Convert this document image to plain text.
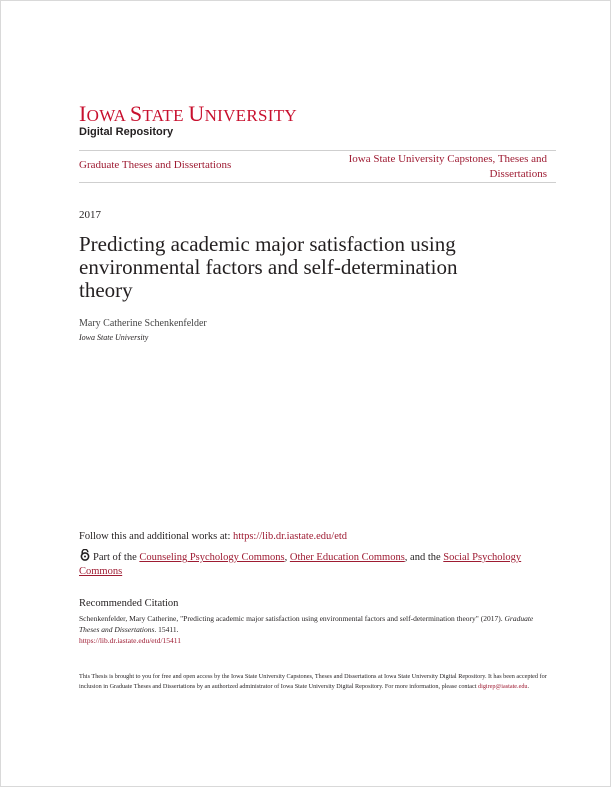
IOWA STATE UNIVERSITY
Digital Repository
Graduate Theses and Dissertations	Iowa State University Capstones, Theses and Dissertations
2017
Predicting academic major satisfaction using environmental factors and self-determination theory
Mary Catherine Schenkenfelder
Iowa State University
Follow this and additional works at: https://lib.dr.iastate.edu/etd
Part of the Counseling Psychology Commons, Other Education Commons, and the Social Psychology Commons
Recommended Citation
Schenkenfelder, Mary Catherine, "Predicting academic major satisfaction using environmental factors and self-determination theory" (2017). Graduate Theses and Dissertations. 15411.
https://lib.dr.iastate.edu/etd/15411
This Thesis is brought to you for free and open access by the Iowa State University Capstones, Theses and Dissertations at Iowa State University Digital Repository. It has been accepted for inclusion in Graduate Theses and Dissertations by an authorized administrator of Iowa State University Digital Repository. For more information, please contact digirep@iastate.edu.
